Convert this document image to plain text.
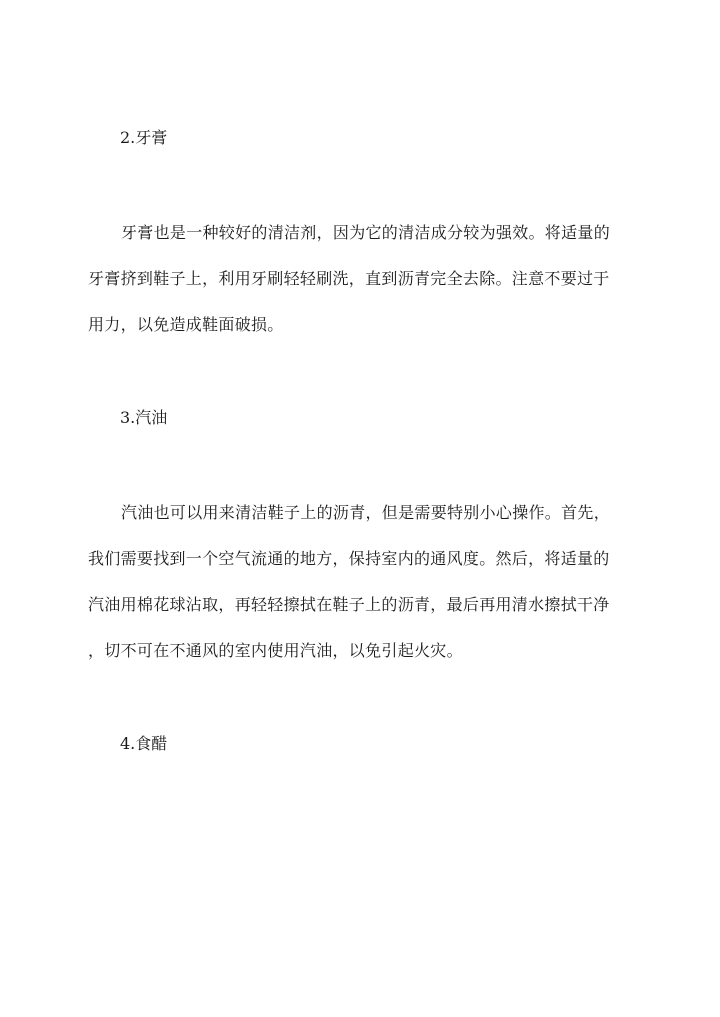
2.牙膏
牙膏也是一种较好的清洁剂，因为它的清洁成分较为强效。将适量的
牙膏挤到鞋子上，利用牙刷轻轻刷洗，直到沥青完全去除。注意不要过于
用力，以免造成鞋面破损。
3.汽油
汽油也可以用来清洁鞋子上的沥青，但是需要特别小心操作。首先，
我们需要找到一个空气流通的地方，保持室内的通风度。然后，将适量的
汽油用棉花球沾取，再轻轻擦拭在鞋子上的沥青，最后再用清水擦拭干净
，切不可在不通风的室内使用汽油，以免引起火灾。
4.食醋
